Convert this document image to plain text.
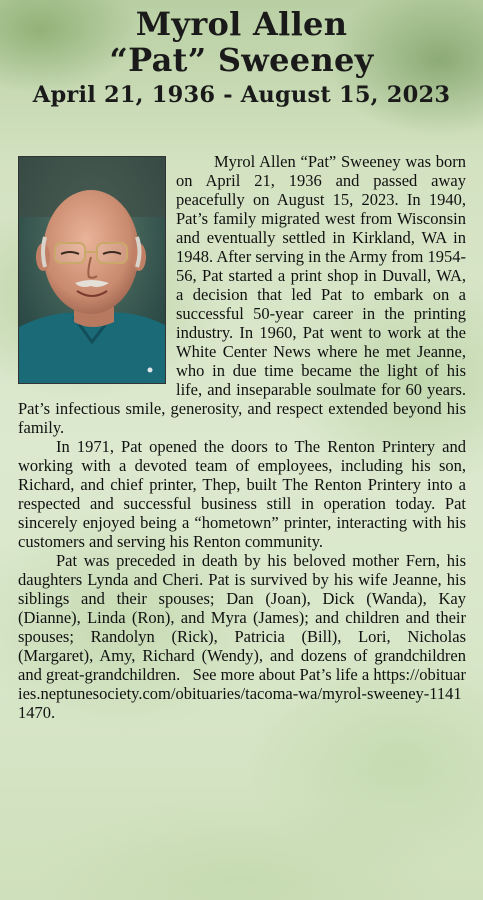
Myrol Allen
“Pat” Sweeney
April 21, 1936 - August 15, 2023

Myrol Allen “Pat” Sweeney was born on April 21, 1936 and passed away peacefully on August 15, 2023. In 1940, Pat’s family migrated west from Wisconsin and eventually settled in Kirkland, WA in 1948. After serving in the Army from 1954-56, Pat started a print shop in Duvall, WA, a decision that led Pat to embark on a successful 50-year career in the printing industry. In 1960, Pat went to work at the White Center News where he met Jeanne, who in due time became the light of his life, and inseparable soulmate for 60 years. Pat’s infectious smile, generosity, and respect extended beyond his family.

In 1971, Pat opened the doors to The Renton Printery and working with a devoted team of employees, including his son, Richard, and chief printer, Thep, built The Renton Printery into a respected and successful business still in operation today. Pat sincerely enjoyed being a “hometown” printer, interacting with his customers and serving his Renton community.

Pat was preceded in death by his beloved mother Fern, his daughters Lynda and Cheri. Pat is survived by his wife Jeanne, his siblings and their spouses; Dan (Joan), Dick (Wanda), Kay (Dianne), Linda (Ron), and Myra (James); and children and their spouses; Randolyn (Rick), Patricia (Bill), Lori, Nicholas (Margaret), Amy, Richard (Wendy), and dozens of grandchildren and great-grandchildren. See more about Pat’s life a https://obituaries.neptunesociety.com/obituaries/tacoma-wa/myrol-sweeney-11411470.
